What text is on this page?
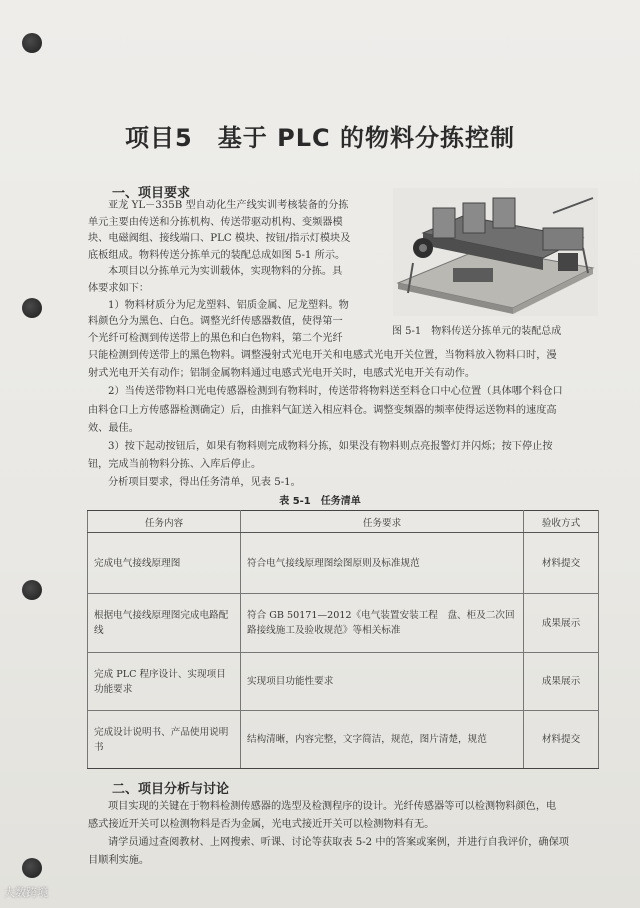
项目5　基于 PLC 的物料分拣控制
一、项目要求
亚龙 YL－335B 型自动化生产线实训考核装备的分拣
单元主要由传送和分拣机构、传送带驱动机构、变频器模
块、电磁阀组、接线端口、PLC 模块、按钮/指示灯模块及
底板组成。物料传送分拣单元的装配总成如图 5-1 所示。
本项目以分拣单元为实训载体，实现物料的分拣。具
体要求如下：
1）物料材质分为尼龙塑料、铝质金属、尼龙塑料。物
料颜色分为黑色、白色。调整光纤传感器数值，使得第一
个光纤可检测到传送带上的黑色和白色物料，第二个光纤
图 5-1　物料传送分拣单元的装配总成
只能检测到传送带上的黑色物料。调整漫射式光电开关和电感式光电开关位置，当物料放入物料口时，漫
射式光电开关有动作；铝制金属物料通过电感式光电开关时，电感式光电开关有动作。
2）当传送带物料口光电传感器检测到有物料时，传送带将物料送至料仓口中心位置（具体哪个料仓口
由料仓口上方传感器检测确定）后，由推料气缸送入相应料仓。调整变频器的频率使得运送物料的速度高
效、最佳。
3）按下起动按钮后，如果有物料则完成物料分拣，如果没有物料则点亮报警灯并闪烁；按下停止按
钮，完成当前物料分拣、入库后停止。
分析项目要求，得出任务清单，见表 5-1。
表 5-1　任务清单
任务内容	任务要求	验收方式
完成电气接线原理图	符合电气接线原理图绘图原则及标准规范	材料提交
根据电气接线原理图完成电路配线	符合 GB 50171—2012《电气装置安装工程　盘、柜及二次回路接线施工及验收规范》等相关标准	成果展示
完成 PLC 程序设计、实现项目功能要求	实现项目功能性要求	成果展示
完成设计说明书、产品使用说明书	结构清晰，内容完整，文字简洁，规范，图片清楚，规范	材料提交
二、项目分析与讨论
项目实现的关键在于物料检测传感器的选型及检测程序的设计。光纤传感器等可以检测物料颜色，电
感式接近开关可以检测物料是否为金属，光电式接近开关可以检测物料有无。
请学员通过查阅教材、上网搜索、听课、讨论等获取表 5-2 中的答案或案例，并进行自我评价，确保项
目顺利实施。
大数跨境
